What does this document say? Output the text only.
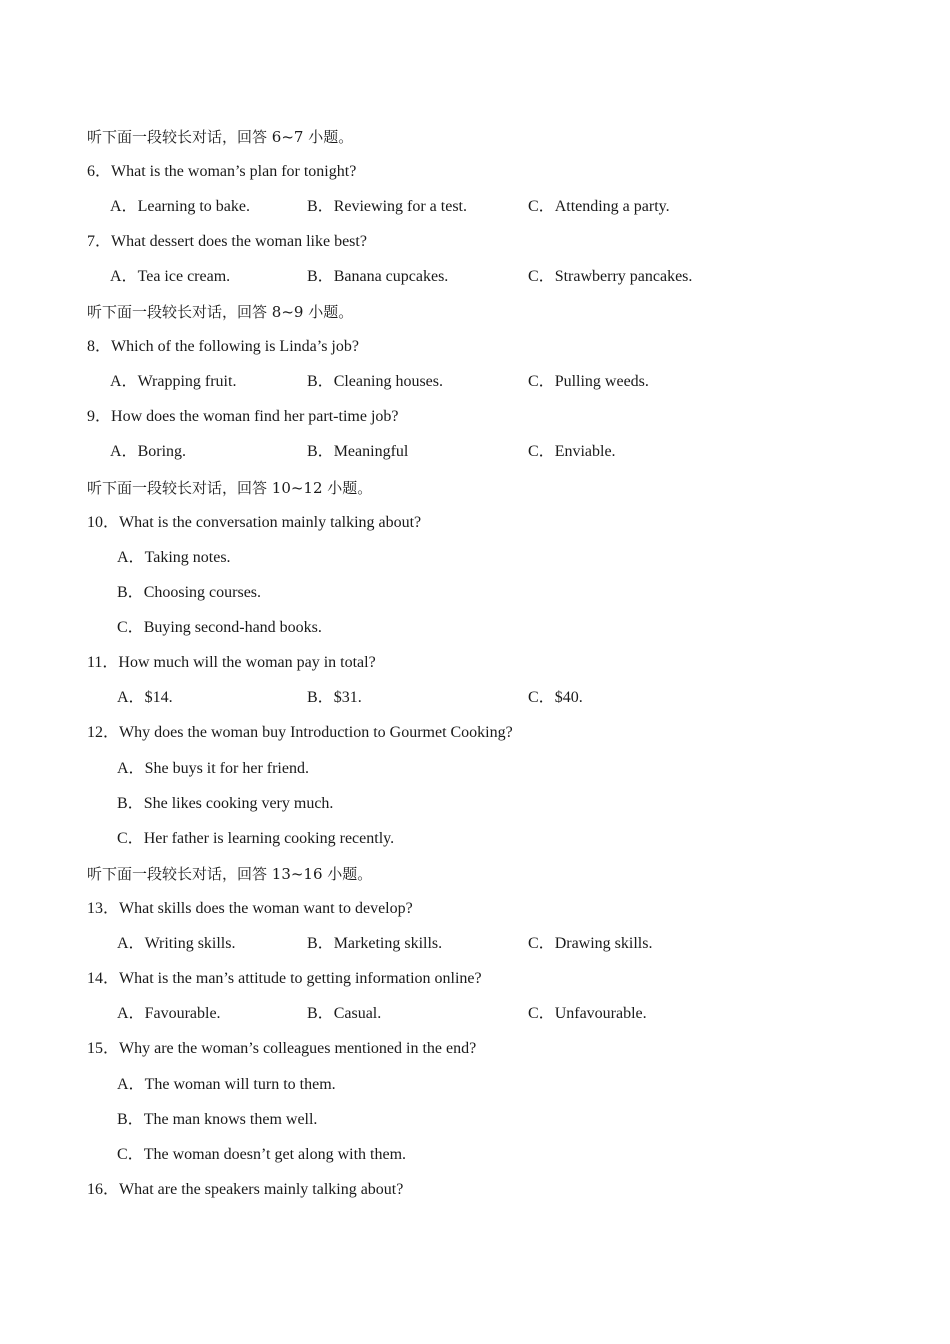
听下面一段较长对话，回答 6~7 小题。
6．What is the woman’s plan for tonight?
A．Learning to bake.	B．Reviewing for a test.	C．Attending a party.
7．What dessert does the woman like best?
A．Tea ice cream.	B．Banana cupcakes.	C．Strawberry pancakes.
听下面一段较长对话，回答 8~9 小题。
8．Which of the following is Linda’s job?
A．Wrapping fruit.	B．Cleaning houses.	C．Pulling weeds.
9．How does the woman find her part-time job?
A．Boring.	B．Meaningful	C．Enviable.
听下面一段较长对话，回答 10~12 小题。
10．What is the conversation mainly talking about?
A．Taking notes.
B．Choosing courses.
C．Buying second-hand books.
11．How much will the woman pay in total?
A．$14.	B．$31.	C．$40.
12．Why does the woman buy Introduction to Gourmet Cooking?
A．She buys it for her friend.
B．She likes cooking very much.
C．Her father is learning cooking recently.
听下面一段较长对话，回答 13~16 小题。
13．What skills does the woman want to develop?
A．Writing skills.	B．Marketing skills.	C．Drawing skills.
14．What is the man’s attitude to getting information online?
A．Favourable.	B．Casual.	C．Unfavourable.
15．Why are the woman’s colleagues mentioned in the end?
A．The woman will turn to them.
B．The man knows them well.
C．The woman doesn’t get along with them.
16．What are the speakers mainly talking about?
